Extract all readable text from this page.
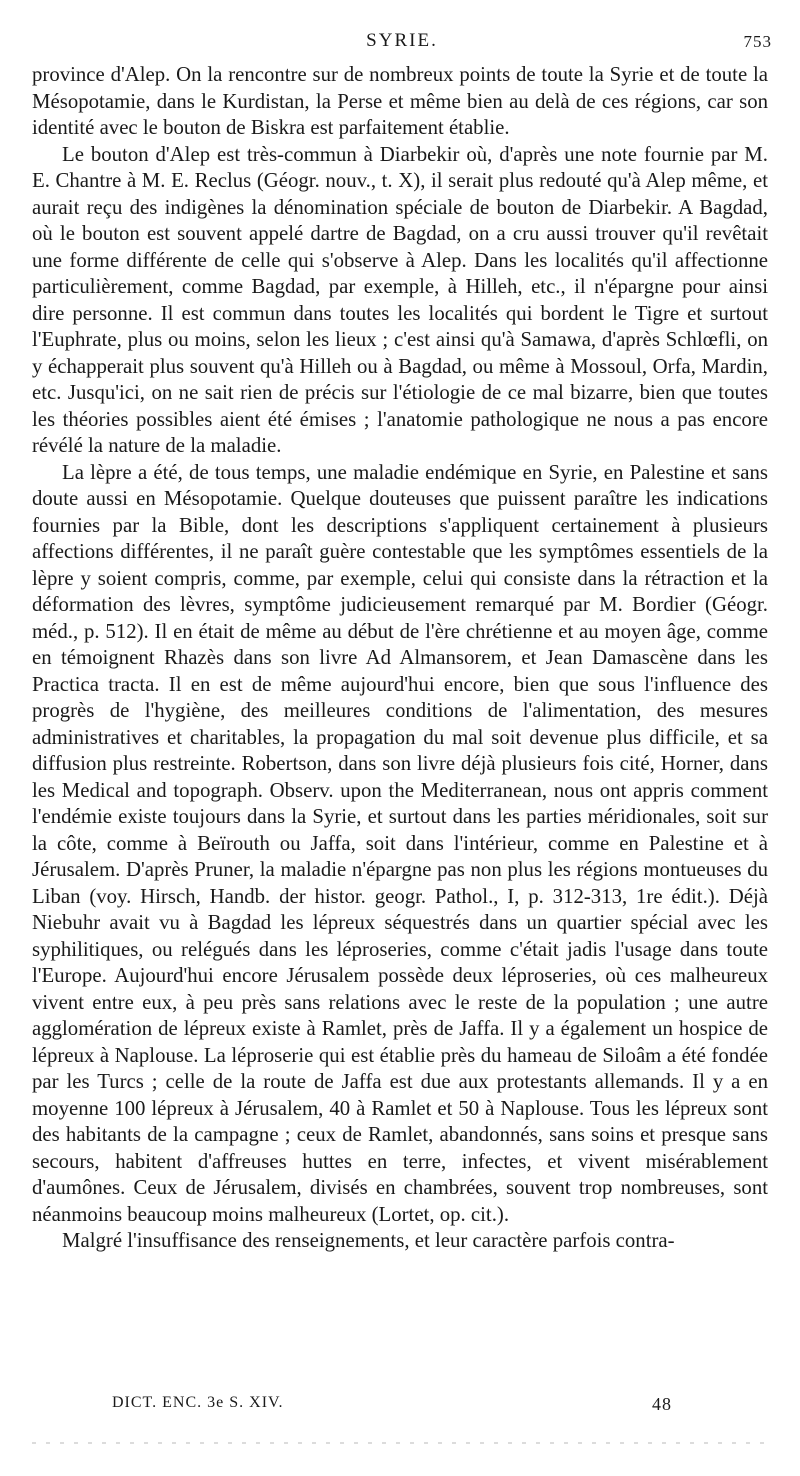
SYRIE.	753

province d'Alep. On la rencontre sur de nombreux points de toute la Syrie et de toute la Mésopotamie, dans le Kurdistan, la Perse et même bien au delà de ces régions, car son identité avec le bouton de Biskra est parfaitement établie.

Le bouton d'Alep est très-commun à Diarbekir où, d'après une note fournie par M. E. Chantre à M. E. Reclus (Géogr. nouv., t. X), il serait plus redouté qu'à Alep même, et aurait reçu des indigènes la dénomination spéciale de bouton de Diarbekir. A Bagdad, où le bouton est souvent appelé dartre de Bagdad, on a cru aussi trouver qu'il revêtait une forme différente de celle qui s'observe à Alep. Dans les localités qu'il affectionne particulièrement, comme Bagdad, par exemple, à Hilleh, etc., il n'épargne pour ainsi dire personne. Il est commun dans toutes les localités qui bordent le Tigre et surtout l'Euphrate, plus ou moins, selon les lieux ; c'est ainsi qu'à Samawa, d'après Schlœfli, on y échapperait plus souvent qu'à Hilleh ou à Bagdad, ou même à Mossoul, Orfa, Mardin, etc. Jusqu'ici, on ne sait rien de précis sur l'étiologie de ce mal bizarre, bien que toutes les théories possibles aient été émises ; l'anatomie pathologique ne nous a pas encore révélé la nature de la maladie.

La lèpre a été, de tous temps, une maladie endémique en Syrie, en Palestine et sans doute aussi en Mésopotamie. Quelque douteuses que puissent paraître les indications fournies par la Bible, dont les descriptions s'appliquent certainement à plusieurs affections différentes, il ne paraît guère contestable que les symptômes essentiels de la lèpre y soient compris, comme, par exemple, celui qui consiste dans la rétraction et la déformation des lèvres, symptôme judicieusement remarqué par M. Bordier (Géogr. méd., p. 512). Il en était de même au début de l'ère chrétienne et au moyen âge, comme en témoignent Rhazès dans son livre Ad Almansorem, et Jean Damascène dans les Practica tracta. Il en est de même aujourd'hui encore, bien que sous l'influence des progrès de l'hygiène, des meilleures conditions de l'alimentation, des mesures administratives et charitables, la propagation du mal soit devenue plus difficile, et sa diffusion plus restreinte. Robertson, dans son livre déjà plusieurs fois cité, Horner, dans les Medical and topograph. Observ. upon the Mediterranean, nous ont appris comment l'endémie existe toujours dans la Syrie, et surtout dans les parties méridionales, soit sur la côte, comme à Beïrouth ou Jaffa, soit dans l'intérieur, comme en Palestine et à Jérusalem. D'après Pruner, la maladie n'épargne pas non plus les régions montueuses du Liban (voy. Hirsch, Handb. der histor. geogr. Pathol., I, p. 312-313, 1re édit.). Déjà Niebuhr avait vu à Bagdad les lépreux séquestrés dans un quartier spécial avec les syphilitiques, ou relégués dans les léproseries, comme c'était jadis l'usage dans toute l'Europe. Aujourd'hui encore Jérusalem possède deux léproseries, où ces malheureux vivent entre eux, à peu près sans relations avec le reste de la population ; une autre agglomération de lépreux existe à Ramlet, près de Jaffa. Il y a également un hospice de lépreux à Naplouse. La léproserie qui est établie près du hameau de Siloâm a été fondée par les Turcs ; celle de la route de Jaffa est due aux protestants allemands. Il y a en moyenne 100 lépreux à Jérusalem, 40 à Ramlet et 50 à Naplouse. Tous les lépreux sont des habitants de la campagne ; ceux de Ramlet, abandonnés, sans soins et presque sans secours, habitent d'affreuses huttes en terre, infectes, et vivent misérablement d'aumônes. Ceux de Jérusalem, divisés en chambrées, souvent trop nombreuses, sont néanmoins beaucoup moins malheureux (Lortet, op. cit.).

Malgré l'insuffisance des renseignements, et leur caractère parfois contra-

DICT. ENC. 3e S. XIV.	48
